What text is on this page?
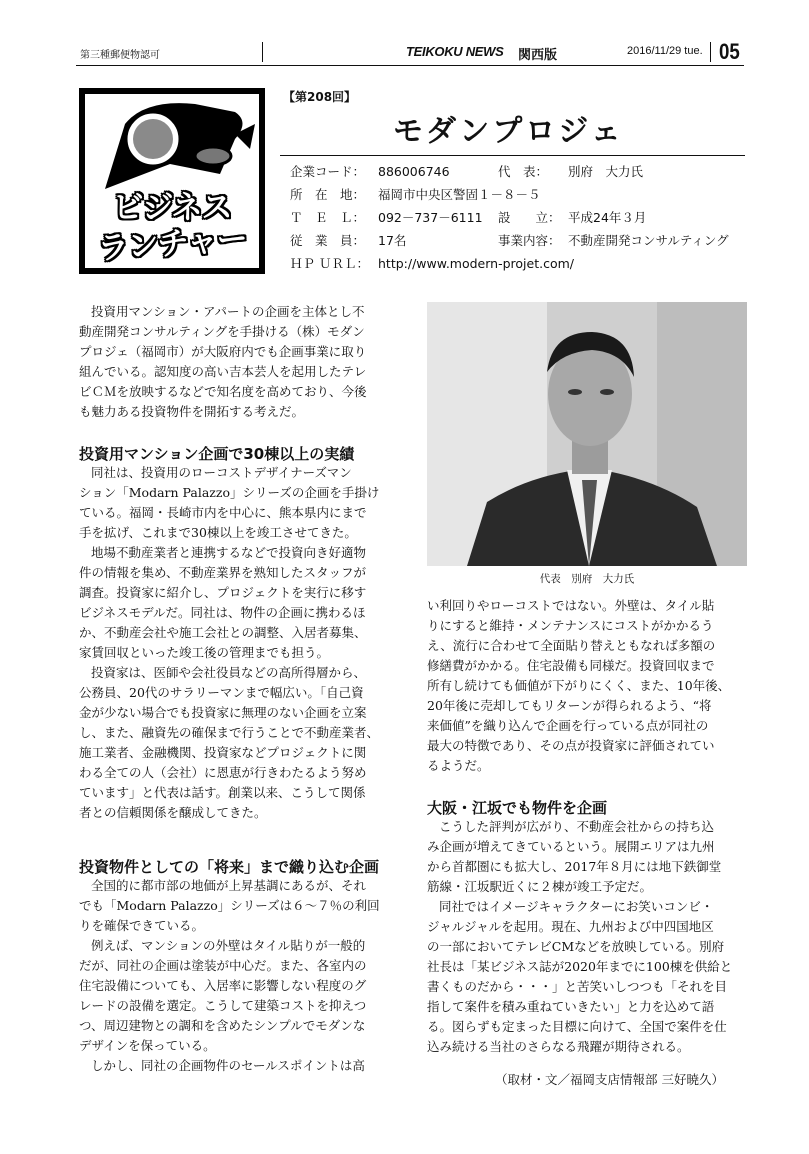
第三種郵便物認可	TEIKOKU NEWS 関西版	2016/11/29 tue. 05
ビジネス
ランチャー
【第208回】
モダンプロジェ
企業コード： 886006746	代　表： 別府　大力氏
所　在　地： 福岡市中央区警固１－８－５
Ｔ　Ｅ　Ｌ： 092－737－6111 設　　立： 平成24年３月
従　業　員： 17名	事業内容： 不動産開発コンサルティング
ＨＰ ＵＲＬ： http://www.modern-projet.com/
代表　別府　大力氏
投資用マンション・アパートの企画を主体とし不
動産開発コンサルティングを手掛ける（株）モダン
プロジェ（福岡市）が大阪府内でも企画事業に取り
組んでいる。認知度の高い吉本芸人を起用したテレ
ビＣＭを放映するなどで知名度を高めており、今後
も魅力ある投資物件を開拓する考えだ。
投資用マンション企画で30棟以上の実績
同社は、投資用のローコストデザイナーズマン
ション「Modarn Palazzo」シリーズの企画を手掛け
ている。福岡・長崎市内を中心に、熊本県内にまで
手を拡げ、これまで30棟以上を竣工させてきた。
地場不動産業者と連携するなどで投資向き好適物
件の情報を集め、不動産業界を熟知したスタッフが
調査。投資家に紹介し、プロジェクトを実行に移す
ビジネスモデルだ。同社は、物件の企画に携わるほ
か、不動産会社や施工会社との調整、入居者募集、
家賃回収といった竣工後の管理までも担う。
投資家は、医師や会社役員などの高所得層から、
公務員、20代のサラリーマンまで幅広い。「自己資
金が少ない場合でも投資家に無理のない企画を立案
し、また、融資先の確保まで行うことで不動産業者、
施工業者、金融機関、投資家などプロジェクトに関
わる全ての人（会社）に恩恵が行きわたるよう努め
ています」と代表は話す。創業以来、こうして関係
者との信頼関係を醸成してきた。
投資物件としての「将来」まで織り込む企画
全国的に都市部の地価が上昇基調にあるが、それ
でも「Modarn Palazzo」シリーズは６～７％の利回
りを確保できている。
例えば、マンションの外壁はタイル貼りが一般的
だが、同社の企画は塗装が中心だ。また、各室内の
住宅設備についても、入居率に影響しない程度のグ
レードの設備を選定。こうして建築コストを抑えつ
つ、周辺建物との調和を含めたシンプルでモダンな
デザインを保っている。
しかし、同社の企画物件のセールスポイントは高
い利回りやローコストではない。外壁は、タイル貼
りにすると維持・メンテナンスにコストがかかるう
え、流行に合わせて全面貼り替えともなれば多額の
修繕費がかかる。住宅設備も同様だ。投資回収まで
所有し続けても価値が下がりにくく、また、10年後、
20年後に売却してもリターンが得られるよう、“将
来価値”を織り込んで企画を行っている点が同社の
最大の特徴であり、その点が投資家に評価されてい
るようだ。
大阪・江坂でも物件を企画
こうした評判が広がり、不動産会社からの持ち込
み企画が増えてきているという。展開エリアは九州
から首都圏にも拡大し、2017年８月には地下鉄御堂
筋線・江坂駅近くに２棟が竣工予定だ。
同社ではイメージキャラクターにお笑いコンビ・
ジャルジャルを起用。現在、九州および中四国地区
の一部においてテレビCMなどを放映している。別府
社長は「某ビジネス誌が2020年までに100棟を供給と
書くものだから・・・」と苦笑いしつつも「それを目
指して案件を積み重ねていきたい」と力を込めて語
る。図らずも定まった目標に向けて、全国で案件を仕
込み続ける当社のさらなる飛躍が期待される。
（取材・文／福岡支店情報部 三好暁久）
